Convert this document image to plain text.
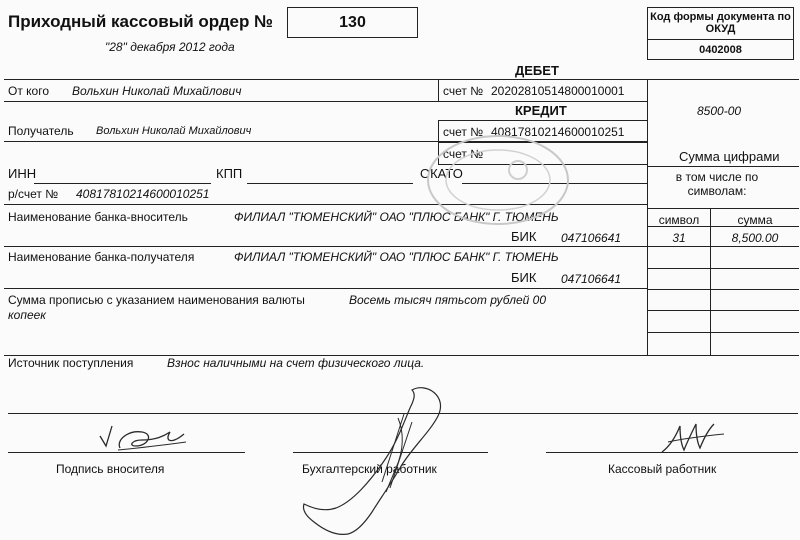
Приходный кассовый ордер №	130
"28" декабря 2012 года
Код формы документа по ОКУД
0402008
ДЕБЕТ
От кого Вольхин Николай Михайлович	счет № 20202810514800010001
КРЕДИТ
Получатель Вольхин Николай Михайлович	счет № 40817810214600010251
счет №
8500-00
Сумма цифрами
в том числе по символам:
символ	сумма
31	8,500.00
ИНН	КПП	ОКАТО
р/счет № 40817810214600010251
Наименование банка-вноситель	ФИЛИАЛ "ТЮМЕНСКИЙ" ОАО "ПЛЮС БАНК" Г. ТЮМЕНЬ
БИК 047106641
Наименование банка-получателя	ФИЛИАЛ "ТЮМЕНСКИЙ" ОАО "ПЛЮС БАНК" Г. ТЮМЕНЬ
БИК 047106641
Сумма прописью с указанием наименования валюты	Восемь тысяч пятьсот рублей 00
копеек
Источник поступления	Взнос наличными на счет физического лица.
Подпись вносителя	Бухгалтерский работник	Кассовый работник
